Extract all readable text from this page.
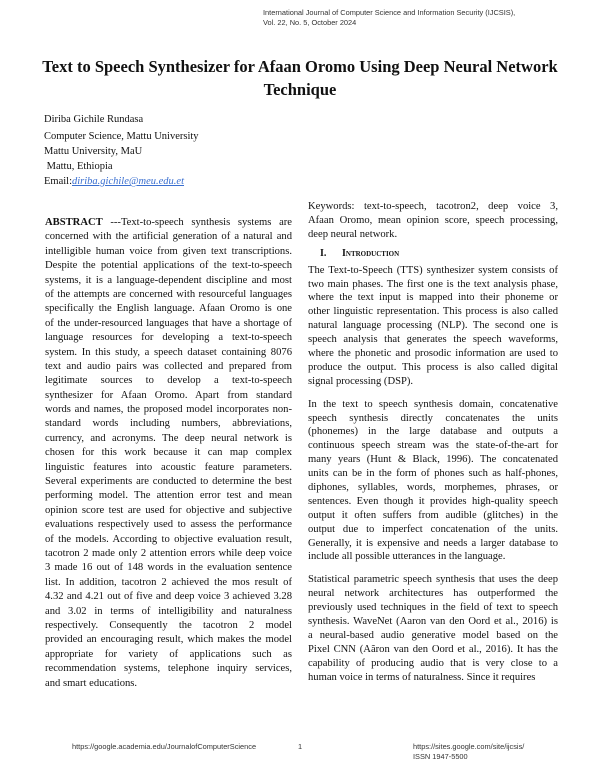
International Journal of Computer Science and Information Security (IJCSIS),
Vol. 22, No. 5, October 2024
Text to Speech Synthesizer for Afaan Oromo Using Deep Neural Network
Technique
Diriba Gichile Rundasa
Computer Science, Mattu University
Mattu University, MaU
Mattu, Ethiopia
Email:diriba.gichile@meu.edu.et
ABSTRACT ---Text-to-speech synthesis systems are
concerned with the artificial generation of a natural and
intelligible human voice from given text transcriptions.
Despite the potential applications of the text-to-speech
systems, it is a language-dependent discipline and most
of the attempts are concerned with resourceful languages
specifically the English language. Afaan Oromo is one
of the under-resourced languages that have a shortage of
language resources for developing a text-to-speech
system. In this study, a speech dataset containing 8076
text and audio pairs was collected and prepared from
legitimate sources to develop a text-to-speech
synthesizer for Afaan Oromo. Apart from standard
words and names, the proposed model incorporates non-
standard words including numbers, abbreviations,
currency, and acronyms. The deep neural network is
chosen for this work because it can map complex
linguistic features into acoustic feature parameters.
Several experiments are conducted to determine the best
performing model. The attention error test and mean
opinion score test are used for objective and subjective
evaluations respectively used to assess the performance
of the models. According to objective evaluation result,
tacotron 2 made only 2 attention errors while deep voice
3 made 16 out of 148 words in the evaluation sentence
list. In addition, tacotron 2 achieved the mos result of
4.32 and 4.21 out of five and deep voice 3 achieved 3.28
and 3.02 in terms of intelligibility and naturalness
respectively. Consequently the tacotron 2 model
provided an encouraging result, which makes the model
appropriate for variety of applications such as
recommendation systems, telephone inquiry services,
and smart educations.
Keywords: text-to-speech, tacotron2, deep voice 3,
Afaan Oromo, mean opinion score, speech processing,
deep neural network.
I. Introduction
The Text-to-Speech (TTS) synthesizer system consists of
two main phases. The first one is the text analysis phase,
where the text input is mapped into their phoneme or
other linguistic representation. This process is also called
natural language processing (NLP). The second one is
speech analysis that generates the speech waveforms,
where the phonetic and prosodic information are used to
produce the output. This process is also called digital
signal processing (DSP).
In the text to speech synthesis domain, concatenative
speech synthesis directly concatenates the units
(phonemes) in the large database and outputs a
continuous speech stream was the state-of-the-art for
many years (Hunt & Black, 1996). The concatenated
units can be in the form of phones such as half-phones,
diphones, syllables, words, morphemes, phrases, or
sentences. Even though it provides high-quality speech
output it often suffers from audible (glitches) in the
output due to imperfect concatenation of the units.
Generally, it is expensive and needs a larger database to
include all possible utterances in the language.
Statistical parametric speech synthesis that uses the deep
neural network architectures has outperformed the
previously used techniques in the field of text to speech
synthesis. WaveNet (Aaron van den Oord et al., 2016) is
a neural-based audio generative model based on the
Pixel CNN (Aãron van den Oord et al., 2016). It has the
capability of producing audio that is very close to a
human voice in terms of naturalness. Since it requires
https://google.academia.edu/JournalofComputerScience	1	https://sites.google.com/site/ijcsis/
ISSN 1947-5500
